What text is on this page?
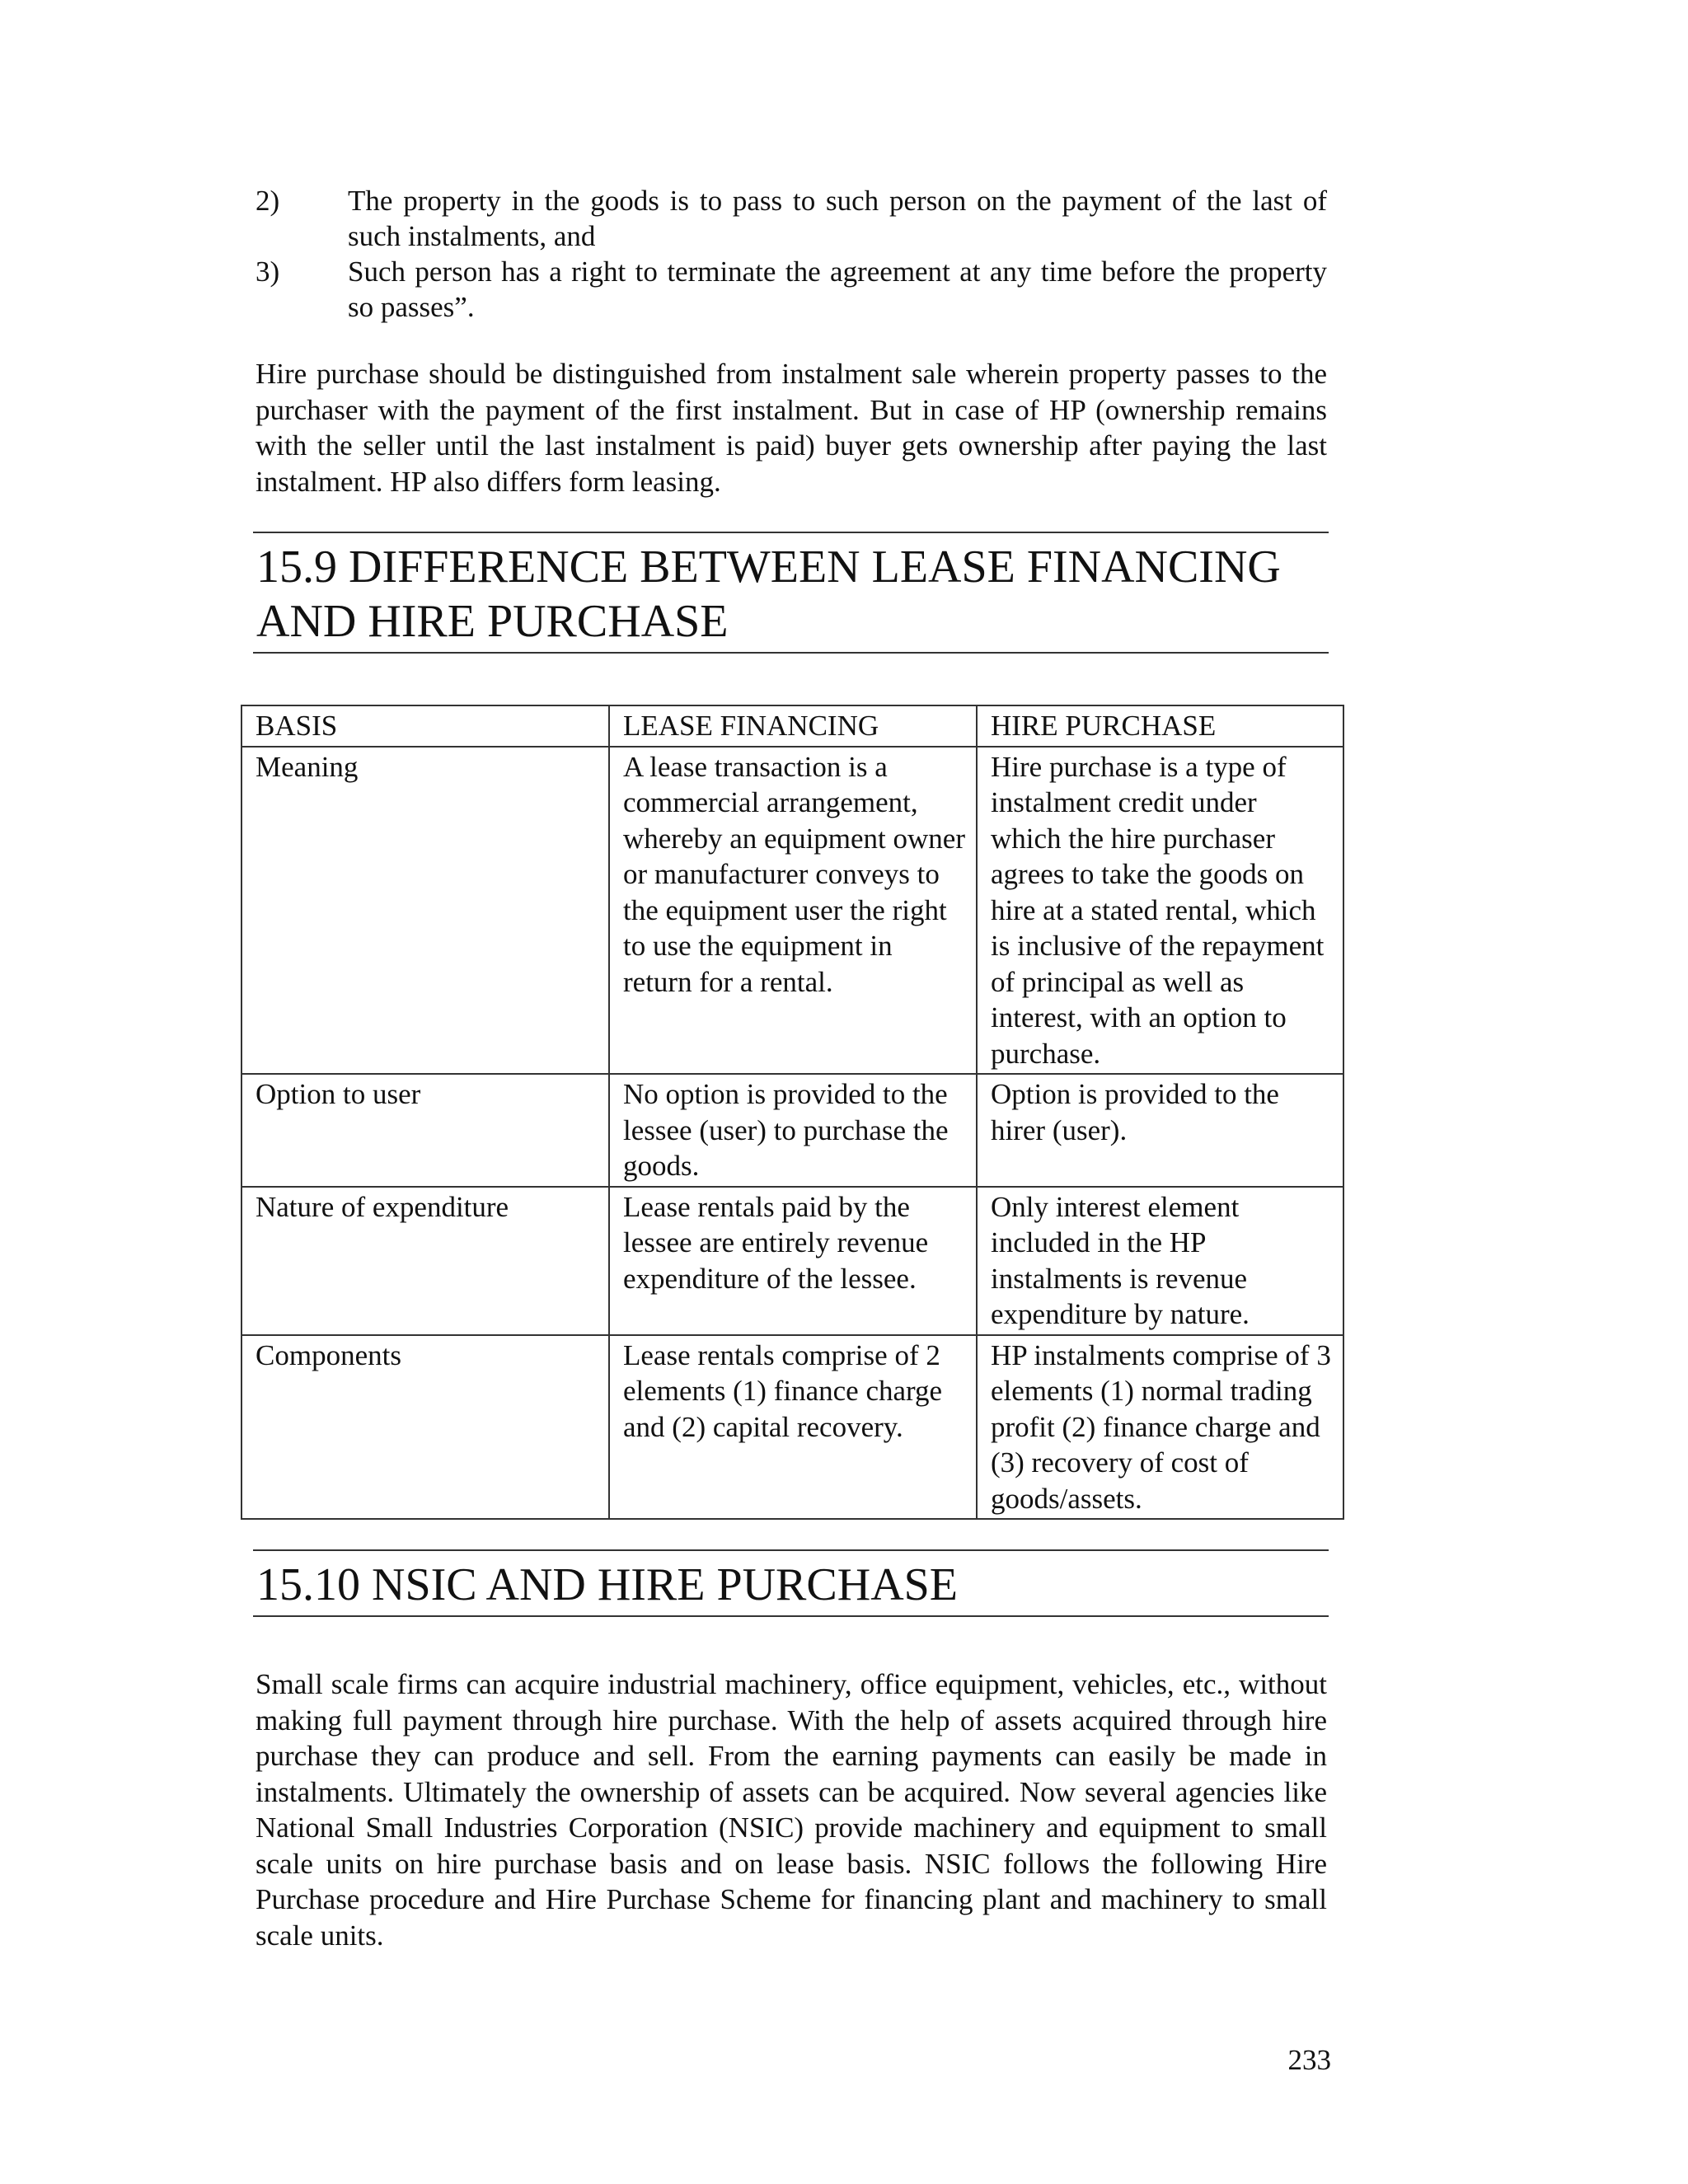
2)	The property in the goods is to pass to such person on the payment of the last of such instalments, and
3)	Such person has a right to terminate the agreement at any time before the property so passes”.

Hire purchase should be distinguished from instalment sale wherein property passes to the purchaser with the payment of the first instalment. But in case of HP (ownership remains with the seller until the last instalment is paid) buyer gets ownership after paying the last instalment. HP also differs form leasing.

15.9 DIFFERENCE BETWEEN LEASE FINANCING
AND HIRE PURCHASE
BASIS	LEASE FINANCING	HIRE PURCHASE
Meaning	A lease transaction is a commercial arrangement, whereby an equipment owner or manufacturer conveys to the equipment user the right to use the equipment in return for a rental.	Hire purchase is a type of instalment credit under which the hire purchaser agrees to take the goods on hire at a stated rental, which is inclusive of the repayment of principal as well as interest, with an option to purchase.
Option to user	No option is provided to the lessee (user) to purchase the goods.	Option is provided to the hirer (user).
Nature of expenditure	Lease rentals paid by the lessee are entirely revenue expenditure of the lessee.	Only interest element included in the HP instalments is revenue expenditure by nature.
Components	Lease rentals comprise of 2 elements (1) finance charge and (2) capital recovery.	HP instalments comprise of 3 elements (1) normal trading profit (2) finance charge and (3) recovery of cost of goods/assets.
15.10 NSIC AND HIRE PURCHASE

Small scale firms can acquire industrial machinery, office equipment, vehicles, etc., without making full payment through hire purchase. With the help of assets acquired through hire purchase they can produce and sell. From the earning payments can easily be made in instalments. Ultimately the ownership of assets can be acquired. Now several agencies like National Small Industries Corporation (NSIC) provide machinery and equipment to small scale units on hire purchase basis and on lease basis. NSIC follows the following Hire Purchase procedure and Hire Purchase Scheme for financing plant and machinery to small scale units.

233
